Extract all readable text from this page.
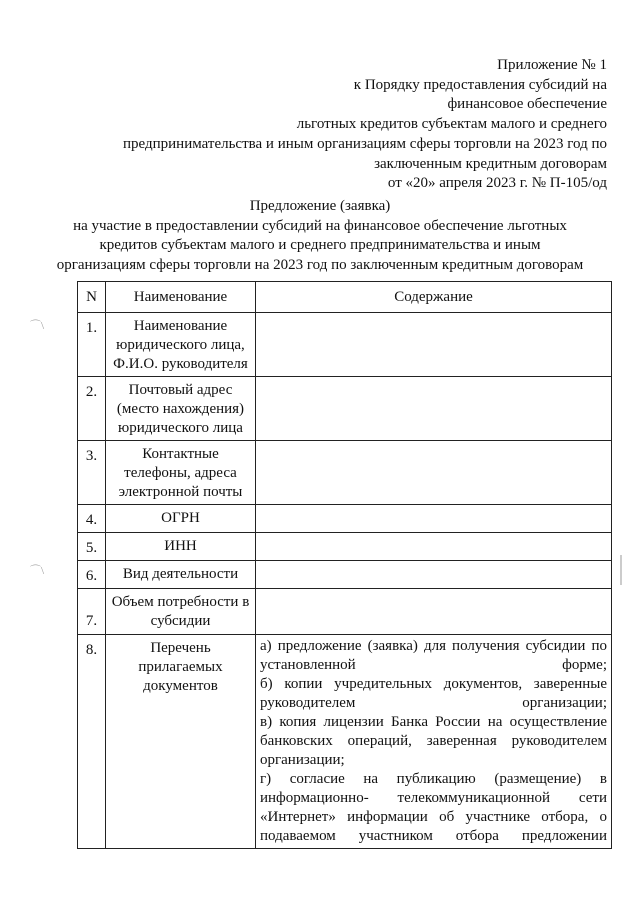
Приложение № 1
к Порядку предоставления субсидий на
финансовое обеспечение
льготных кредитов субъектам малого и среднего
предпринимательства и иным организациям сферы торговли на 2023 год по
заключенным кредитным договорам
от «20» апреля 2023 г. № П-105/од
Предложение (заявка)
на участие в предоставлении субсидий на финансовое обеспечение льготных
кредитов субъектам малого и среднего предпринимательства и иным
организациям сферы торговли на 2023 год по заключенным кредитным договорам
N	Наименование	Содержание
1.	Наименование юридического лица, Ф.И.О. руководителя	
2.	Почтовый адрес (место нахождения) юридического лица	
3.	Контактные телефоны, адреса электронной почты	
4.	ОГРН	
5.	ИНН	
6.	Вид деятельности	
7.	Объем потребности в субсидии	
8.	Перечень прилагаемых документов	а) предложение (заявка) для получения субсидии по установленной форме;

б) копии учредительных документов, заверенные руководителем организации;

в) копия лицензии Банка России на осуществление банковских операций, заверенная руководителем организации;

г) согласие на публикацию (размещение) в информационно- телекоммуникационной сети «Интернет» информации об участнике отбора, о подаваемом участником отбора предложении

⌒\
⌒\
